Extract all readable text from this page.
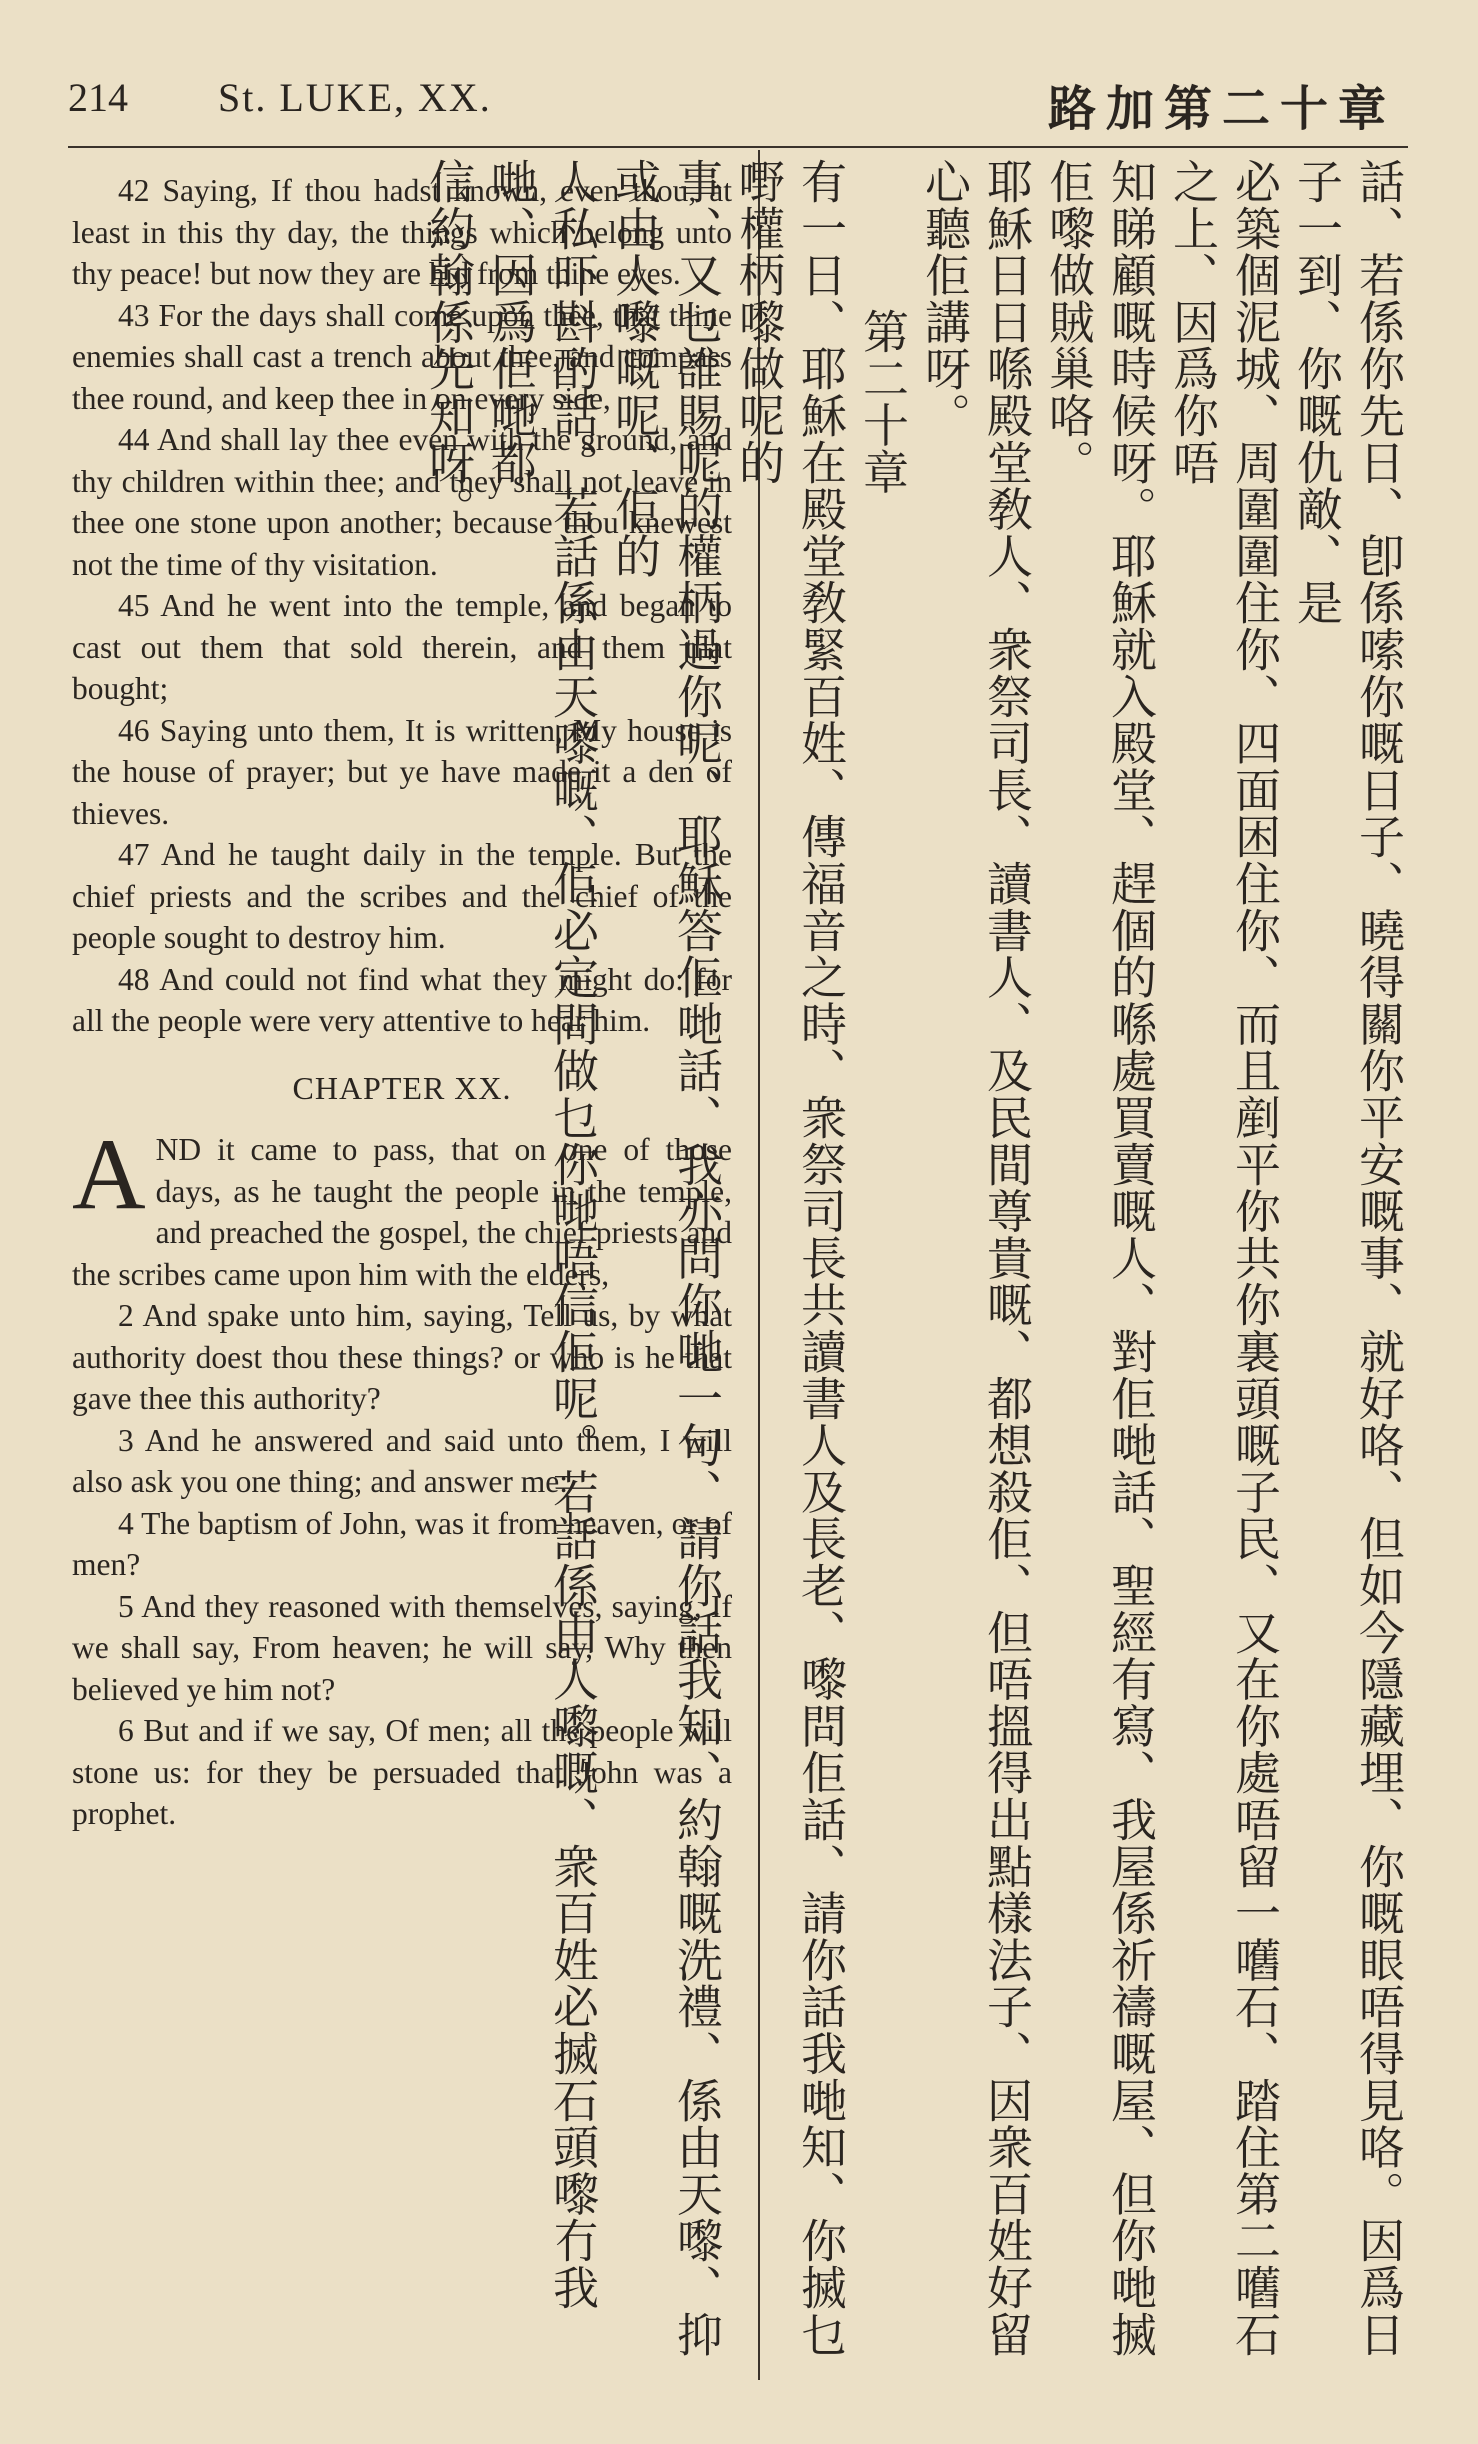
214 St. LUKE, XX.	路加第二十章

42 Saying, If thou hadst known, even thou, at least in this thy day, the things which belong unto thy peace! but now they are hid from thine eyes.

43 For the days shall come upon thee, that thine enemies shall cast a trench about thee, and compass thee round, and keep thee in on every side,

44 And shall lay thee even with the ground, and thy children within thee; and they shall not leave in thee one stone upon another; because thou knewest not the time of thy visitation.

45 And he went into the temple, and began to cast out them that sold therein, and them that bought;

46 Saying unto them, It is written, My house is the house of prayer; but ye have made it a den of thieves.

47 And he taught daily in the temple. But the chief priests and the scribes and the chief of the people sought to destroy him.

48 And could not find what they might do: for all the people were very attentive to hear him.

CHAPTER XX.

A ND it came to pass, that on one of those days, as he taught the people in the temple, and preached the gospel, the chief priests and the scribes came upon him with the elders,

2 And spake unto him, saying, Tell us, by what authority doest thou these things? or who is he that gave thee this authority?

3 And he answered and said unto them, I will also ask you one thing; and answer me:

4 The baptism of John, was it from heaven, or of men?

5 And they reasoned with themselves, saying, If we shall say, From heaven; he will say, Why then believed ye him not?

6 But and if we say, Of men; all the people will stone us: for they be persuaded that John was a prophet.	話、若係你先日、卽係嗦你嘅日子、曉得關你平安嘅事、就好咯、但如今隱藏埋、你嘅眼唔得見咯。因爲日子一到、你嘅仇敵、是

必築個泥城、周圍圍住你、四面困住你、而且剷平你共你裏頭嘅子民、又在你處唔留一嚿石、踏住第二嚿石之上、因爲你唔

知睇顧嘅時候呀。耶穌就入殿堂、趕個的喺處買賣嘅人、對佢哋話、聖經有寫、我屋係祈禱嘅屋、但你哋搣佢嚟做賊巢咯。

耶穌日日喺殿堂敎人、衆祭司長、讀書人、及民間尊貴嘅、都想殺佢、但唔搵得出點樣法子、因衆百姓好留心聽佢講呀。

第二十章

有一日、耶穌在殿堂敎緊百姓、傳福音之時、衆祭司長共讀書人及長老、嚟問佢話、請你話我哋知、你搣乜嘢權柄嚟做呢的

事、又乜誰賜呢的權柄過你呢、耶穌答佢哋話、我亦問你哋一句、請你話我知、約翰嘅洗禮、係由天嚟、抑或由人嚟嘅呢、佢的

人私吓斟酌話、若話係由天嚟嘅、佢必定問做乜你哋唔信佢呢。若話係由人嚟嘅、衆百姓必搣石頭嚟冇我哋、因爲佢哋都

信約翰係先知呀。
